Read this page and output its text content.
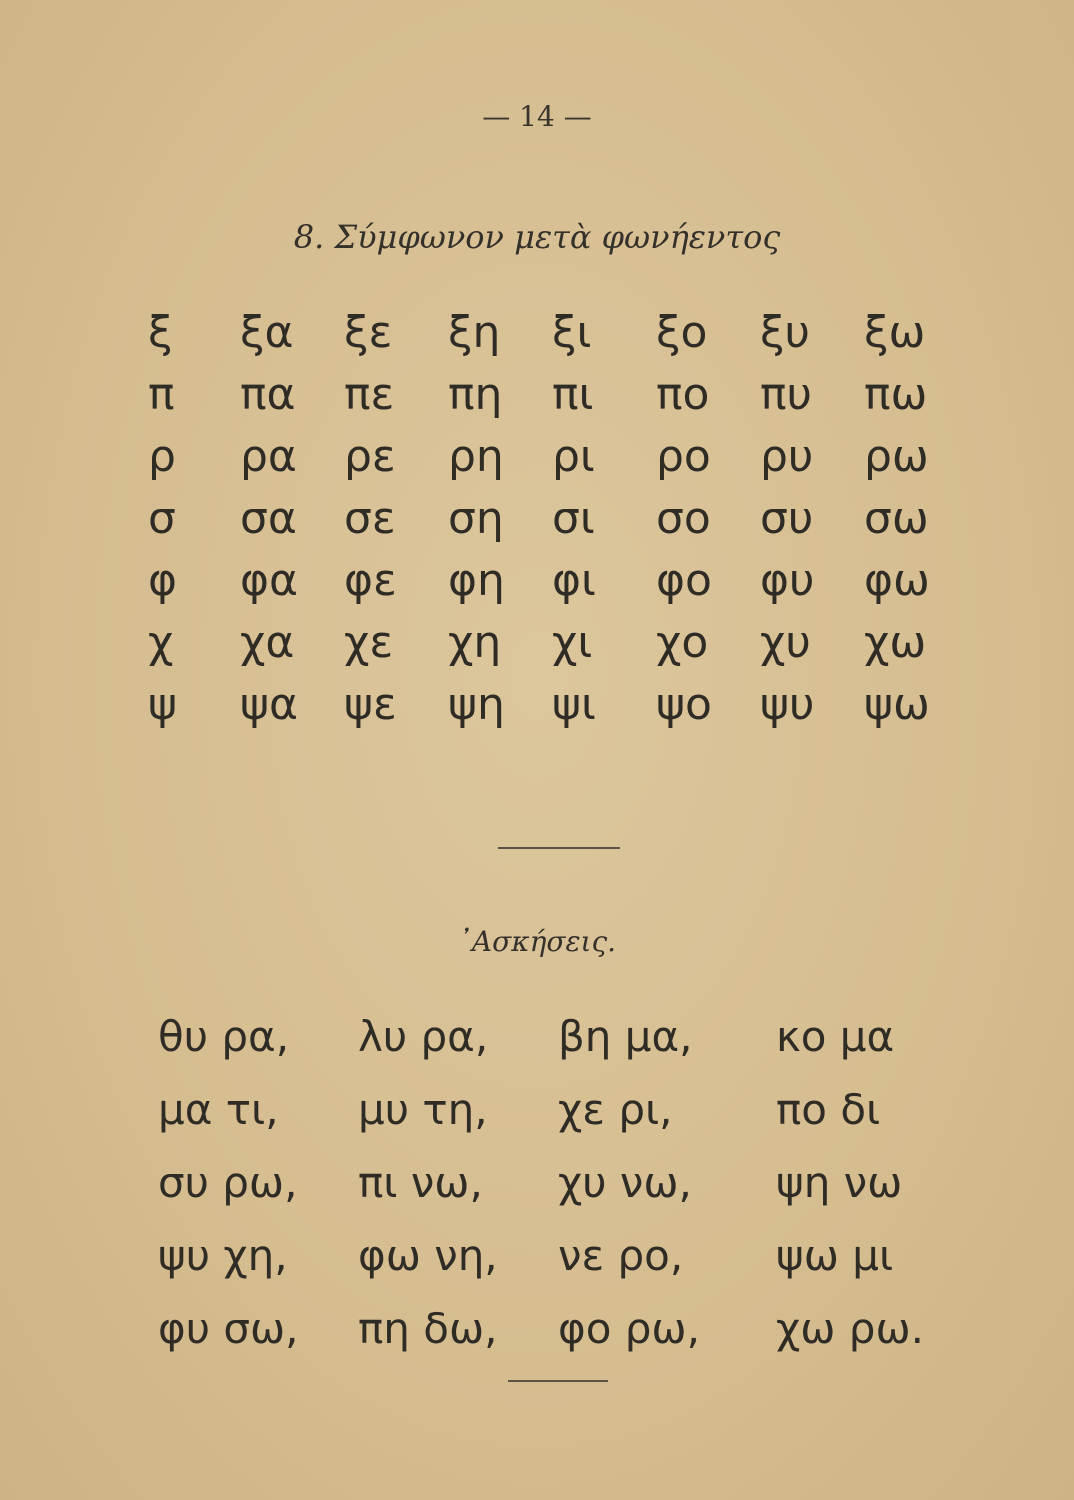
— 14 —
8. Σύμφωνον μετὰ φωνήεντος
ξ	ξα	ξε	ξη	ξι	ξο	ξυ	ξω
π	πα	πε	πη	πι	πο	πυ	πω
ρ	ρα	ρε	ρη	ρι	ρο	ρυ	ρω
σ	σα	σε	ση	σι	σο	συ	σω
φ	φα	φε	φη	φι	φο	φυ	φω
χ	χα	χε	χη	χι	χο	χυ	χω
ψ	ψα	ψε	ψη	ψι	ψο	ψυ	ψω
᾿Ασκήσεις.
θυ ρα,	λυ ρα,	βη μα,	κο μα
μα τι,	μυ τη,	χε ρι,	πο δι
συ ρω,	πι νω,	χυ νω,	ψη νω
ψυ χη,	φω νη,	νε ρο,	ψω μι
φυ σω,	πη δω,	φο ρω,	χω ρω.
